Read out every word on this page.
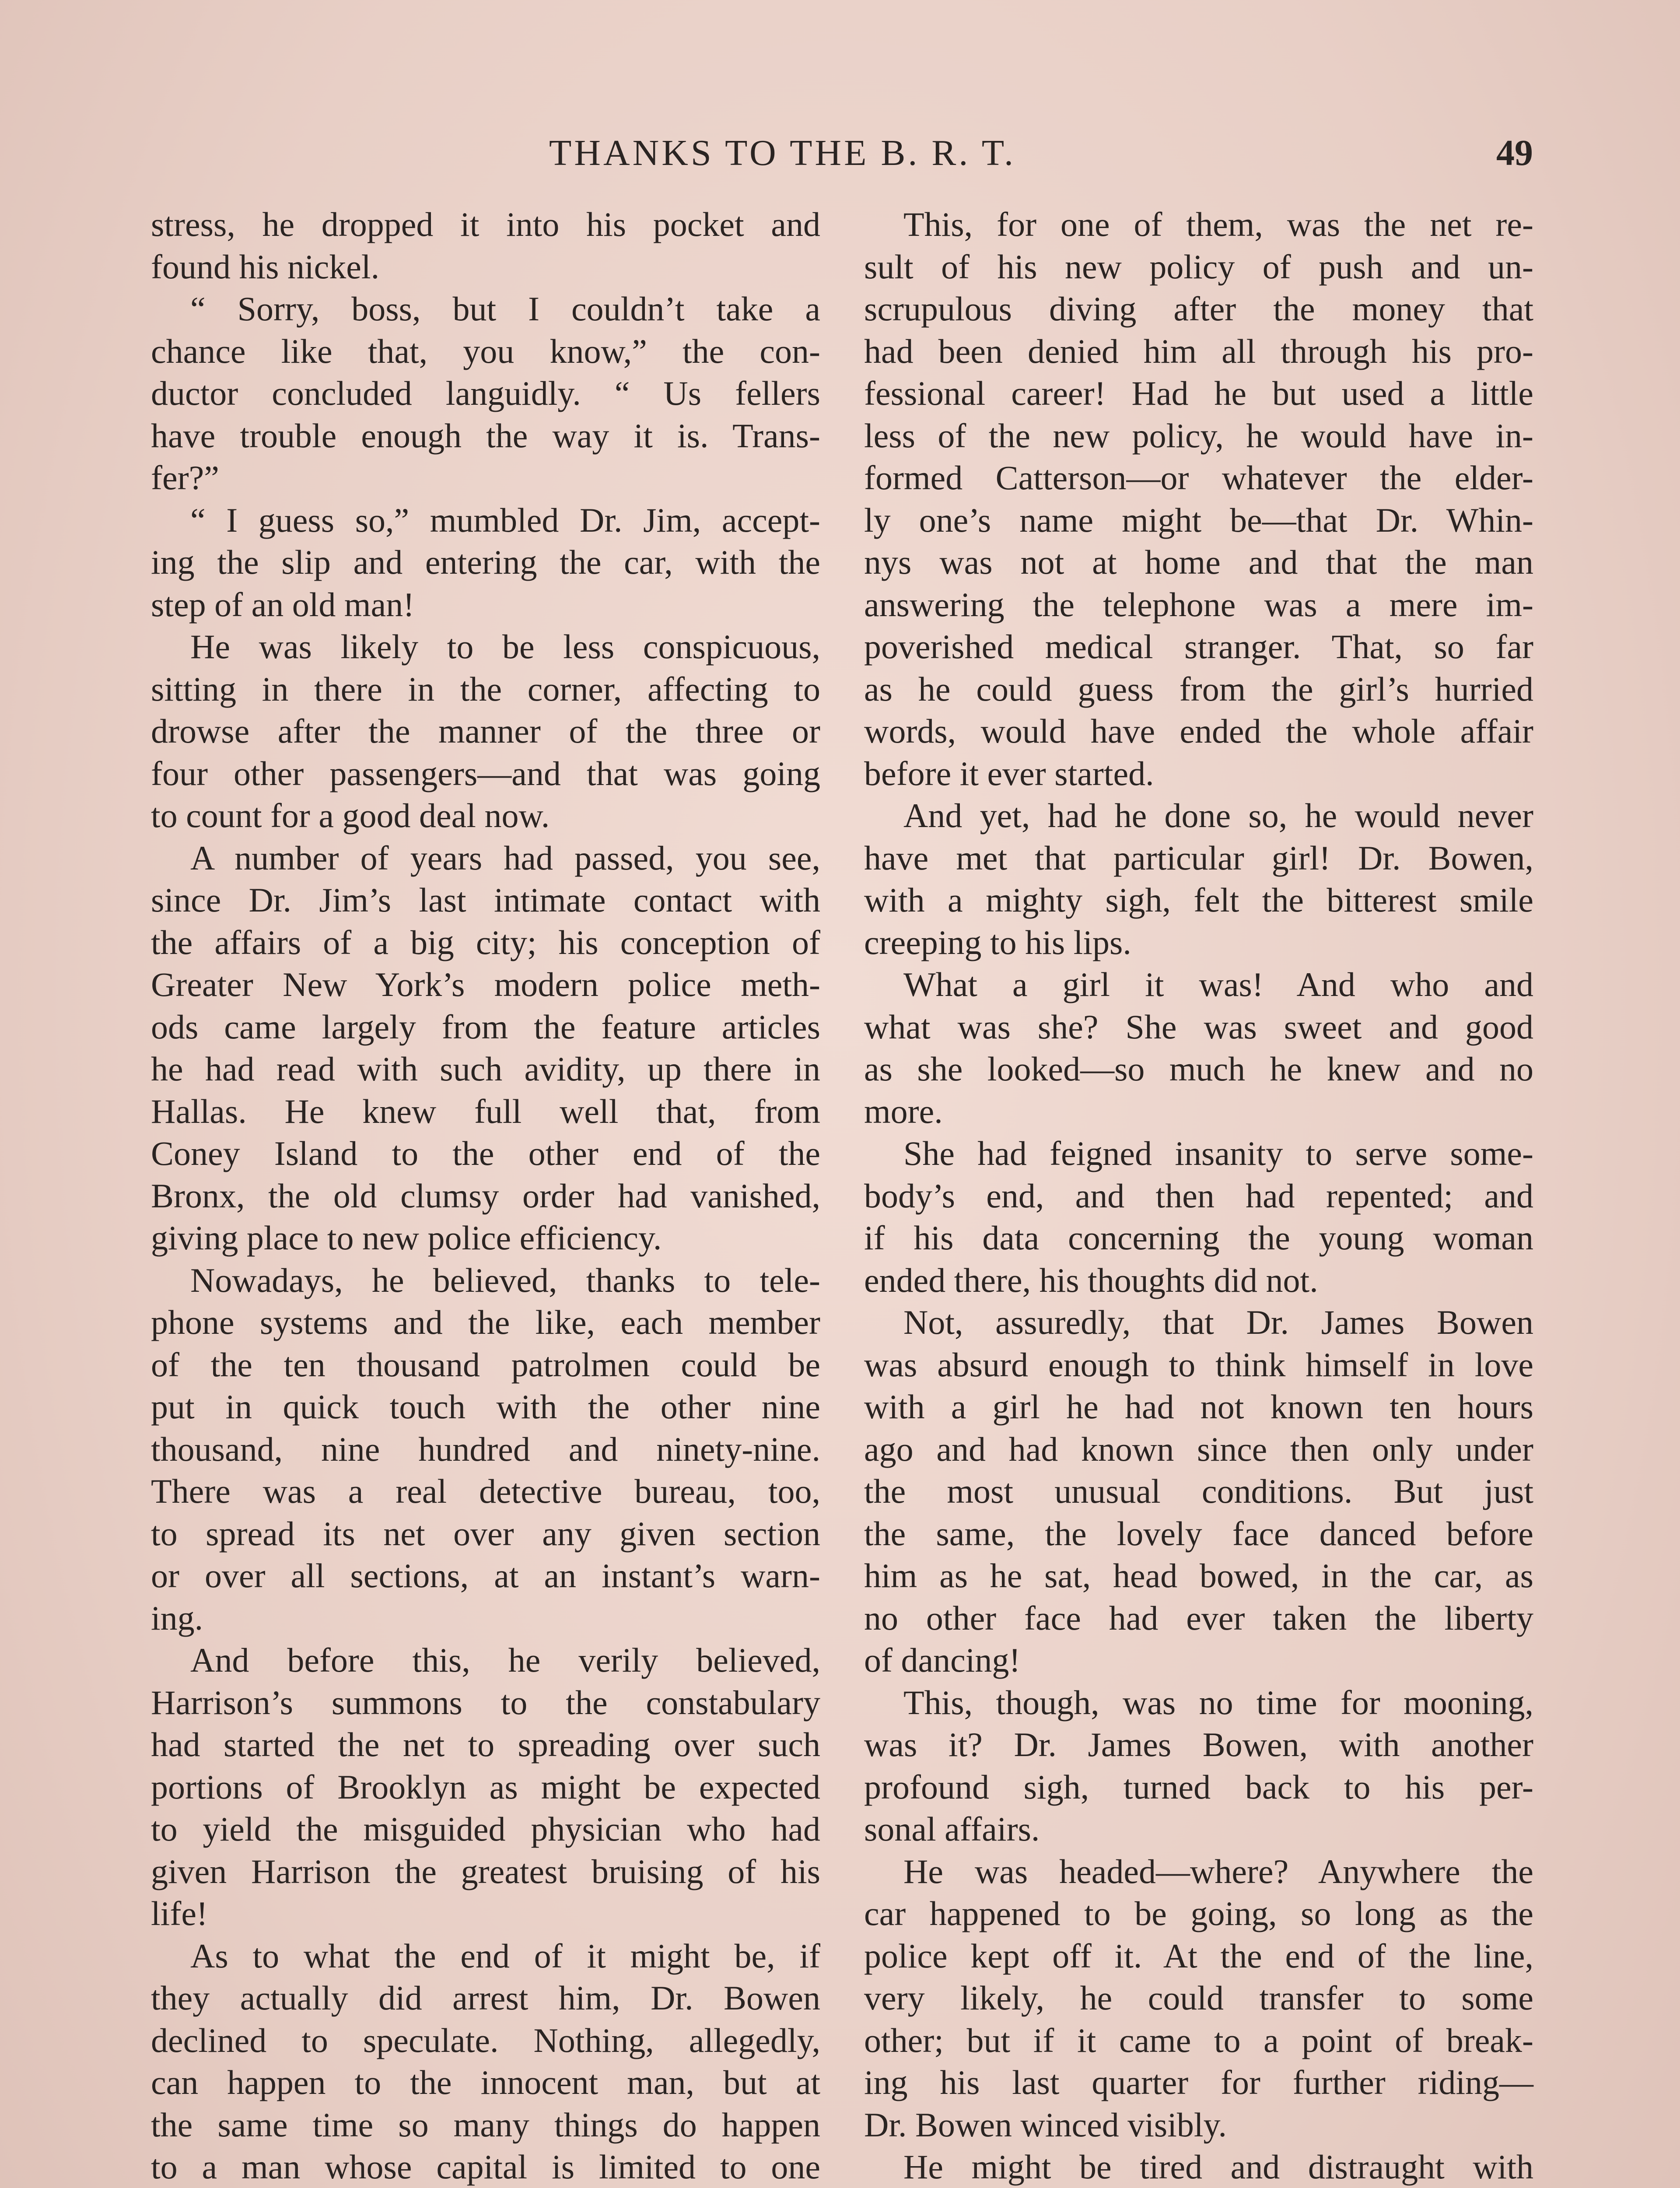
THANKS TO THE B. R. T.	49
stress, he dropped it into his pocket and
found his nickel.
“ Sorry, boss, but I couldn’t take a
chance like that, you know,” the con-
ductor concluded languidly. “ Us fellers
have trouble enough the way it is. Trans-
fer?”
“ I guess so,” mumbled Dr. Jim, accept-
ing the slip and entering the car, with the
step of an old man!
He was likely to be less conspicuous,
sitting in there in the corner, affecting to
drowse after the manner of the three or
four other passengers—and that was going
to count for a good deal now.
A number of years had passed, you see,
since Dr. Jim’s last intimate contact with
the affairs of a big city; his conception of
Greater New York’s modern police meth-
ods came largely from the feature articles
he had read with such avidity, up there in
Hallas. He knew full well that, from
Coney Island to the other end of the
Bronx, the old clumsy order had vanished,
giving place to new police efficiency.
Nowadays, he believed, thanks to tele-
phone systems and the like, each member
of the ten thousand patrolmen could be
put in quick touch with the other nine
thousand, nine hundred and ninety-nine.
There was a real detective bureau, too,
to spread its net over any given section
or over all sections, at an instant’s warn-
ing.
And before this, he verily believed,
Harrison’s summons to the constabulary
had started the net to spreading over such
portions of Brooklyn as might be expected
to yield the misguided physician who had
given Harrison the greatest bruising of his
life!
As to what the end of it might be, if
they actually did arrest him, Dr. Bowen
declined to speculate. Nothing, allegedly,
can happen to the innocent man, but at
the same time so many things do happen
to a man whose capital is limited to one
This, for one of them, was the net re-
sult of his new policy of push and un-
scrupulous diving after the money that
had been denied him all through his pro-
fessional career! Had he but used a little
less of the new policy, he would have in-
formed Catterson—or whatever the elder-
ly one’s name might be—that Dr. Whin-
nys was not at home and that the man
answering the telephone was a mere im-
poverished medical stranger. That, so far
as he could guess from the girl’s hurried
words, would have ended the whole affair
before it ever started.
And yet, had he done so, he would never
have met that particular girl! Dr. Bowen,
with a mighty sigh, felt the bitterest smile
creeping to his lips.
What a girl it was! And who and
what was she? She was sweet and good
as she looked—so much he knew and no
more.
She had feigned insanity to serve some-
body’s end, and then had repented; and
if his data concerning the young woman
ended there, his thoughts did not.
Not, assuredly, that Dr. James Bowen
was absurd enough to think himself in love
with a girl he had not known ten hours
ago and had known since then only under
the most unusual conditions. But just
the same, the lovely face danced before
him as he sat, head bowed, in the car, as
no other face had ever taken the liberty
of dancing!
This, though, was no time for mooning,
was it? Dr. James Bowen, with another
profound sigh, turned back to his per-
sonal affairs.
He was headed—where? Anywhere the
car happened to be going, so long as the
police kept off it. At the end of the line,
very likely, he could transfer to some
other; but if it came to a point of break-
ing his last quarter for further riding—
Dr. Bowen winced visibly.
He might be tired and distraught with
